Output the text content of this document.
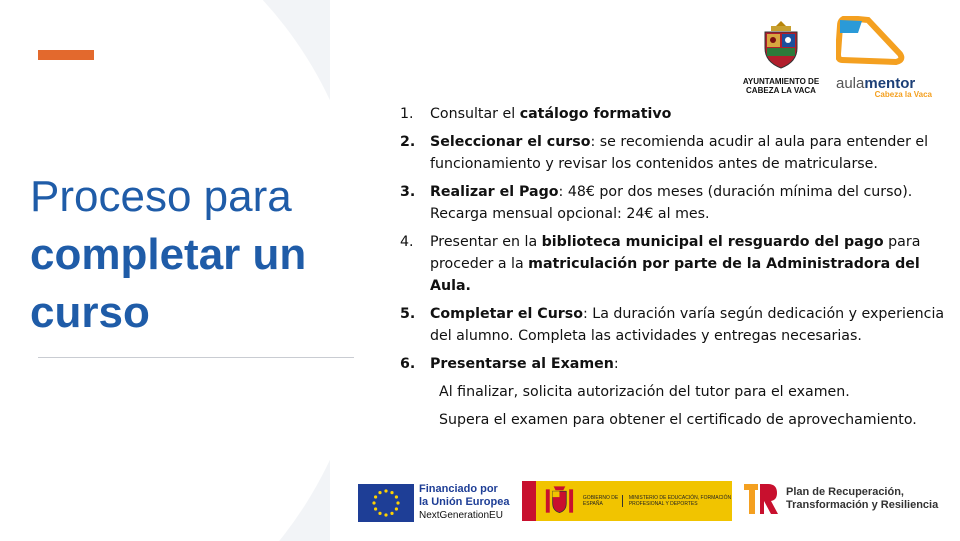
Proceso para
completar un
curso
AYUNTAMIENTO DE
CABEZA LA VACA	aulamentor
Cabeza la Vaca
1.	Consultar el catálogo formativo
2.	Seleccionar el curso: se recomienda acudir al aula para entender el funcionamiento y revisar los contenidos antes de matricularse.
3.	Realizar el Pago: 48€ por dos meses (duración mínima del curso). Recarga mensual opcional: 24€ al mes.
4.	Presentar en la biblioteca municipal el resguardo del pago para proceder a la matriculación por parte de la Administradora del Aula.
5.	Completar el Curso: La duración varía según dedicación y experiencia del alumno. Completa las actividades y entregas necesarias.
6.	Presentarse al Examen:
Al finalizar, solicita autorización del tutor para el examen.
Supera el examen para obtener el certificado de aprovechamiento.
Financiado por
la Unión Europea
NextGenerationEU
GOBIERNO DE ESPAÑA
MINISTERIO DE EDUCACIÓN, FORMACIÓN PROFESIONAL Y DEPORTES
Plan de Recuperación,
Transformación y Resiliencia
